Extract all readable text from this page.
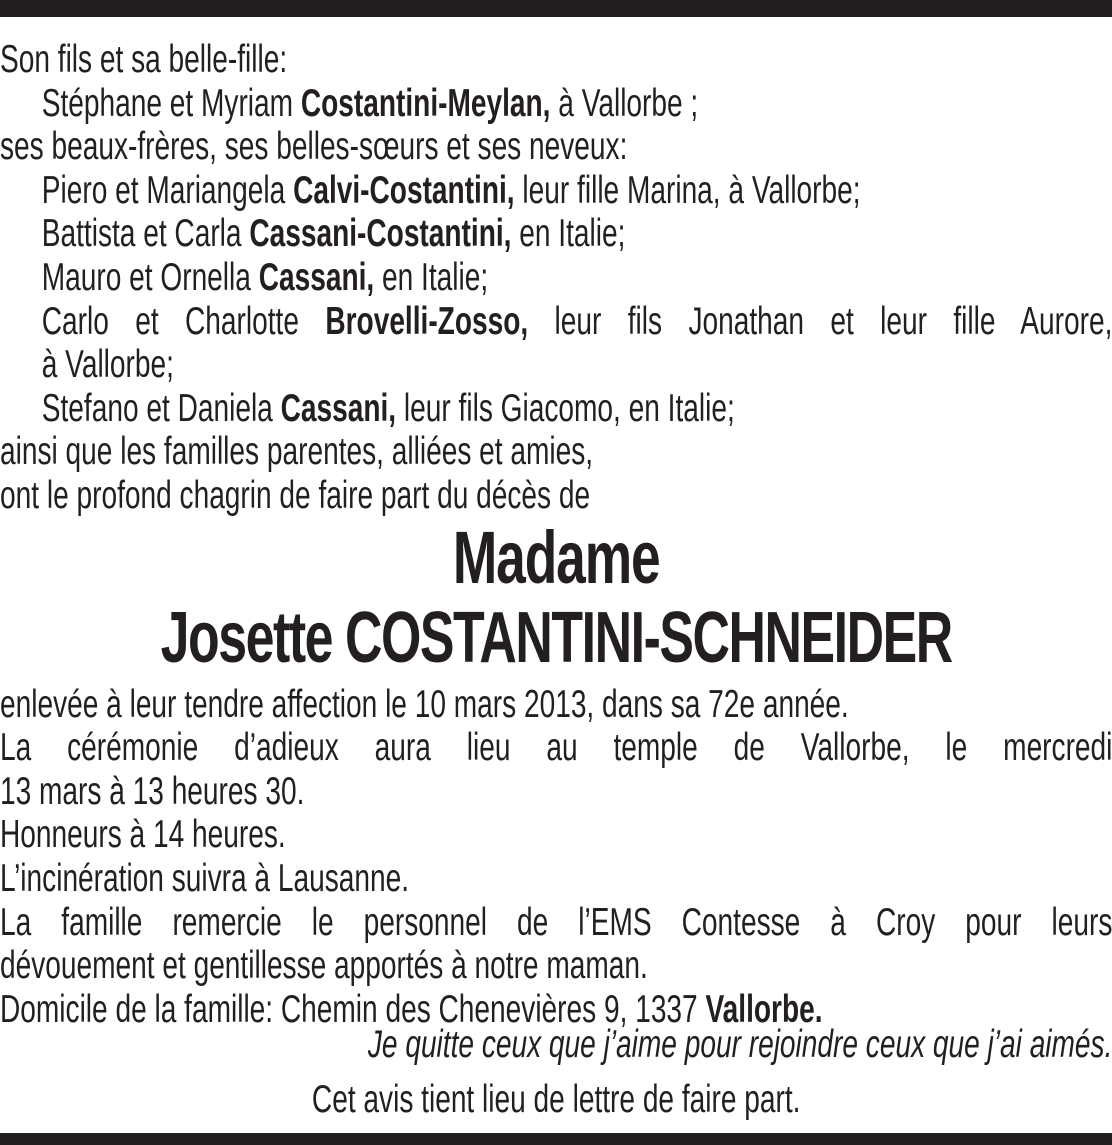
Son fils et sa belle-fille:
Stéphane et Myriam Costantini-Meylan, à Vallorbe ;
ses beaux-frères, ses belles-sœurs et ses neveux:
Piero et Mariangela Calvi-Costantini, leur fille Marina, à Vallorbe;
Battista et Carla Cassani-Costantini, en Italie;
Mauro et Ornella Cassani, en Italie;
Carlo et Charlotte Brovelli-Zosso, leur fils Jonathan et leur fille Aurore,
à Vallorbe;
Stefano et Daniela Cassani, leur fils Giacomo, en Italie;
ainsi que les familles parentes, alliées et amies,
ont le profond chagrin de faire part du décès de
Madame
Josette COSTANTINI-SCHNEIDER
enlevée à leur tendre affection le 10 mars 2013, dans sa 72e année.
La cérémonie d’adieux aura lieu au temple de Vallorbe, le mercredi
13 mars à 13 heures 30.
Honneurs à 14 heures.
L’incinération suivra à Lausanne.
La famille remercie le personnel de l’EMS Contesse à Croy pour leurs
dévouement et gentillesse apportés à notre maman.
Domicile de la famille: Chemin des Chenevières 9, 1337 Vallorbe.
Je quitte ceux que j’aime pour rejoindre ceux que j’ai aimés.
Cet avis tient lieu de lettre de faire part.
